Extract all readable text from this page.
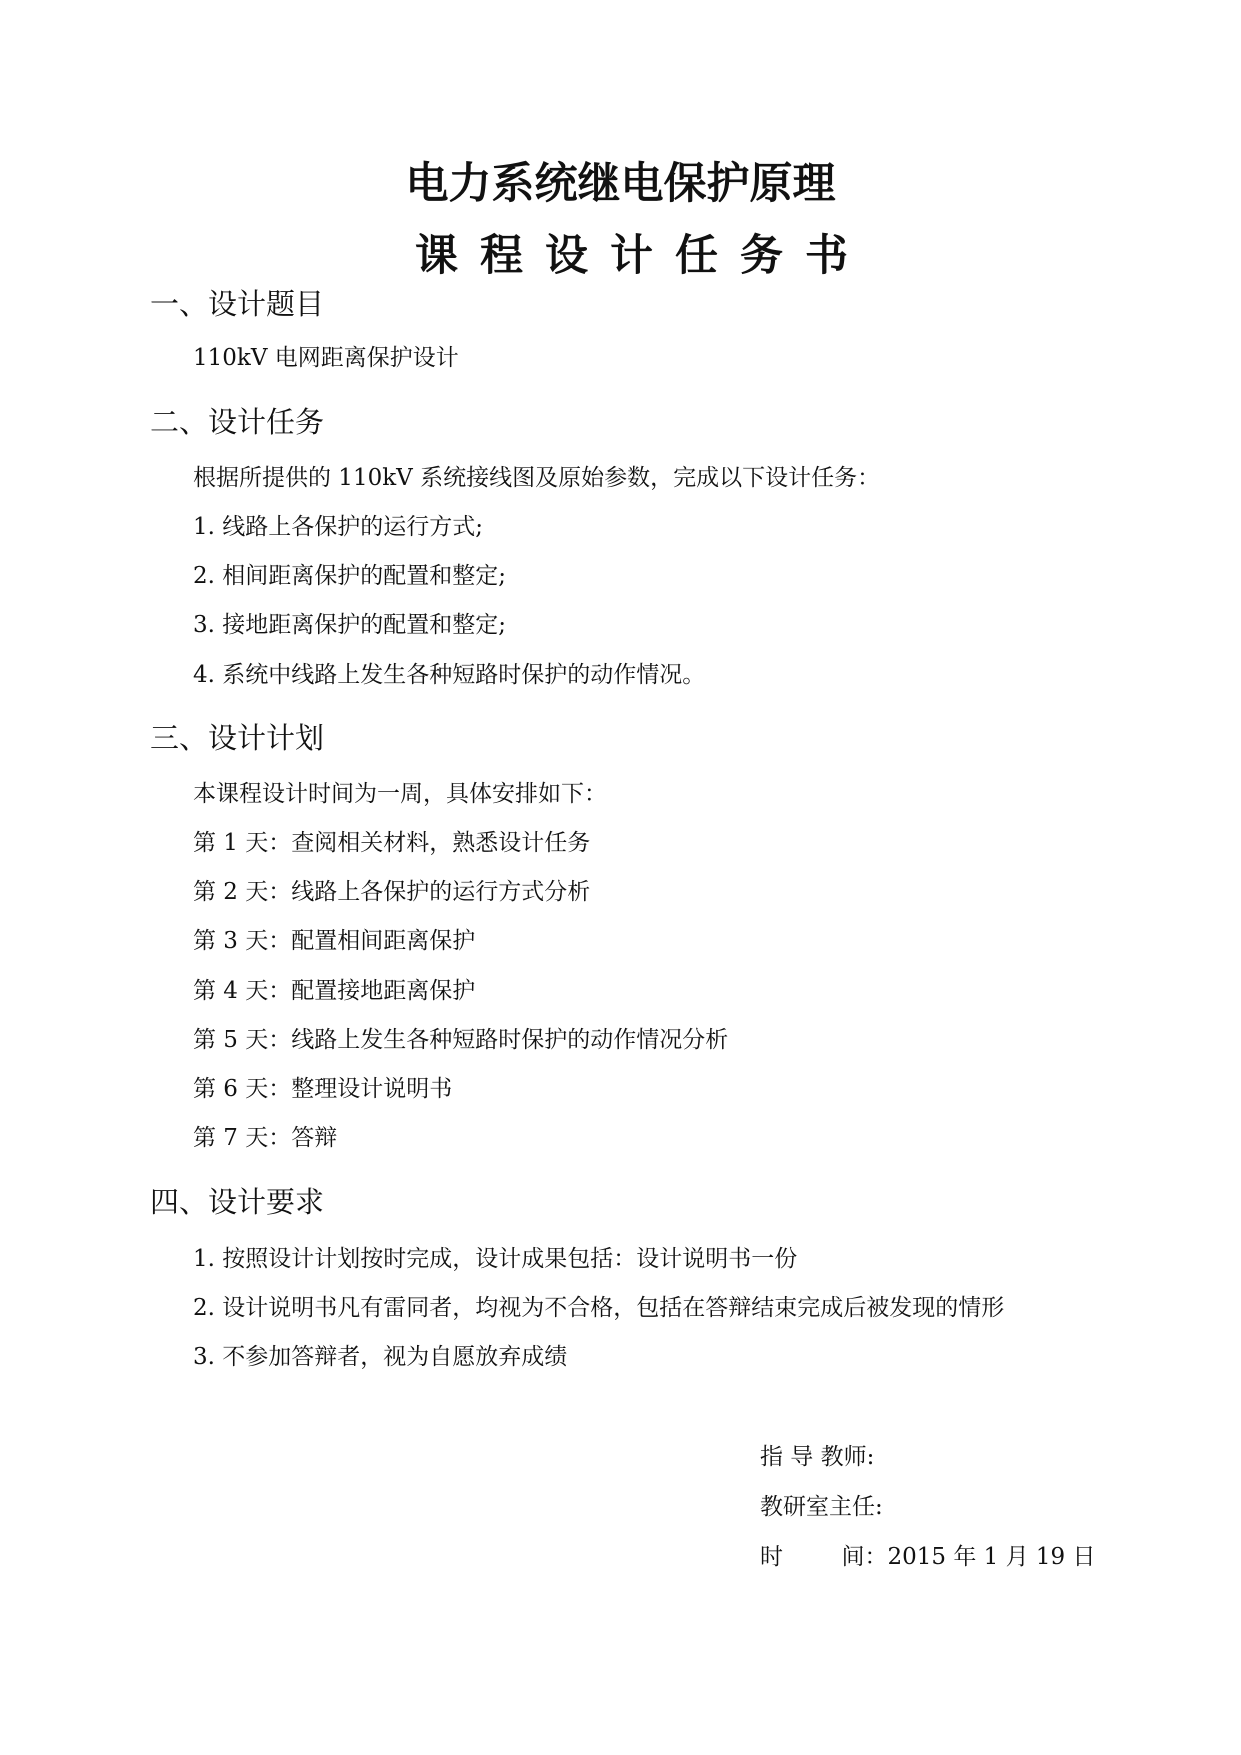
电力系统继电保护原理
课程设计任务书
一、设计题目
110kV 电网距离保护设计
二、设计任务
根据所提供的 110kV 系统接线图及原始参数，完成以下设计任务：
1. 线路上各保护的运行方式;
2. 相间距离保护的配置和整定;
3. 接地距离保护的配置和整定;
4. 系统中线路上发生各种短路时保护的动作情况。
三、设计计划
本课程设计时间为一周，具体安排如下：
第 1 天：查阅相关材料，熟悉设计任务
第 2 天：线路上各保护的运行方式分析
第 3 天：配置相间距离保护
第 4 天：配置接地距离保护
第 5 天：线路上发生各种短路时保护的动作情况分析
第 6 天：整理设计说明书
第 7 天：答辩
四、设计要求
1. 按照设计计划按时完成，设计成果包括：设计说明书一份
2. 设计说明书凡有雷同者，均视为不合格，包括在答辩结束完成后被发现的情形
3. 不参加答辩者，视为自愿放弃成绩
指 导 教师:
教研室主任:
时        间：2015 年 1 月 19 日
